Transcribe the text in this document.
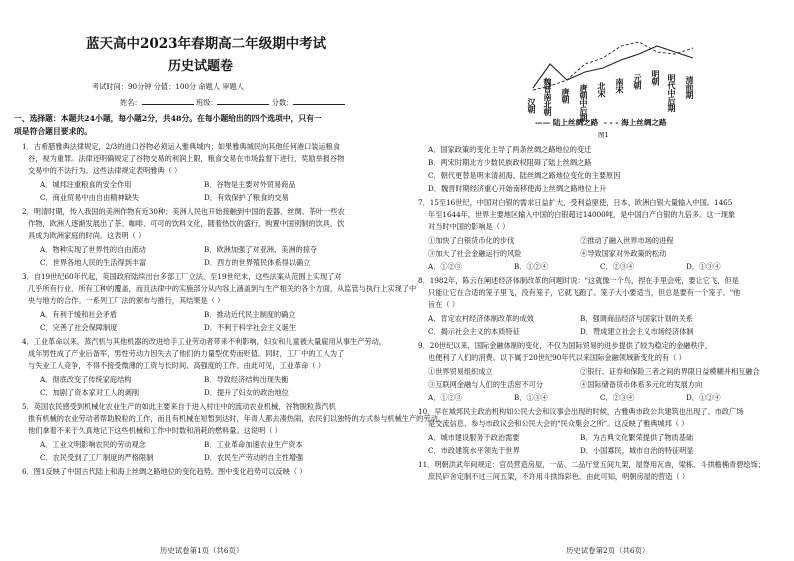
蓝天高中2023年春期高二年级期中考试
历史试题卷
考试时间：90分钟 分值：100分 命题人 审题人
姓名：	班级：	分数：
一、选择题：本题共24小题，每小题2分，共48分。在每小题给出的四个选项中，只有一
项是符合题目要求的。
1．古希腊雅典法律规定，2/3的进口谷物必须运入雅典城内；如果雅典城民向其他任何港口装运粮食
谷，视为重罪。法律还明确规定了谷物交易的利润上限，粮食交易在市场监督下进行，奖励举报谷物
交易中的不法行为。这些法律规定表明雅典（ ）
A．城邦注重粮食的安全作用	B．谷物是主要对外贸易商品
C．商业贸易中由自由精神缺失	D．有效保护了粮食的交易
2．明清时期，传入我国的美洲作物有近30种；美洲人民也开始接触到中国的瓷器、丝绸、茶叶一些农
作物，欧洲人逐渐发展出了茶、咖啡、可可的饮料文化，随着热饮的盛行，购置中国别制的饮具、饮
具成为欧洲家庭的时尚。这表明（ ）
A．物种实现了世界性的自由流动	B．欧洲加强了对亚洲、美洲的掠夺
C．世界各地人民的生活得到丰富	D．西方的世界殖民体系得以确立
3．自19世纪60年代起，英国政府陆续出台多部工厂立法。至19世纪末，这些法案从范围上实现了对
几乎所有行业、所有工种的覆盖，而且法律中的实施部分从内容上涵盖到与生产相关的各个方面，从监管与执行上实现了中
央与地方的合作。一系列工厂法的颁布与推行，其结果是（ ）
A．有利于缓和社会矛盾	B．推动近代民主制度的确立
C．完善了社会保障制度	D．不利于科学社会主义诞生
4．工业革命以来，蒸汽机与其他机器的改进给手工业劳动者带来不利影响，妇女和儿童被大量雇用从事生产劳动，
成年男性成了产业后备军，男性劳动力因失去了他们的力量型优势而贬值。同时，工厂中的工人为了
与失业工人竞争，不得不接受微薄的工资与长时间、高强度的工作。由此可见，工业革命（ ）
A．彻底改变了传统家庭结构	B．导致经济结构出现失衡
C．加剧了资本家对工人的剥削	D．提升了妇女的政治地位
5．英国农民感受到机械化农业生产的如此主要来自于进入村庄中的流动农业机械，谷物脱粒蒸汽机
推有机械的农业劳动者帮助脱粒的工作，而且有机械在短暂到达时，年青人都去凑热闹，农民们以独特的方式参与机械生产的劳动。
他们拿着不来于久真地记下这些机械和工作中时数和消耗的燃料量。这说明（ ）
A．工业文明影响农民的劳动观念	B．工业革命加速农业生产资本
C．农民受到了工厂制度的严格限制	D．农民生产劳动的自主性增强
6．图1反映了中国古代陆上和海上丝绸之路地位的变化趋势。图中变化趋势可以反映（ ）
汉朝 魏晋南北朝 唐朝 唐朝中后期 北宋 南宋 元朝 明朝 明代中后期 清前期
—— 陆上丝绸之路 - - - 海上丝绸之路
图1
A．国家政策的变化主导了两条丝绸之路地位的变迁
B．两宋时期北方少数民族政权阻碍了陆上丝绸之路
C．朝代更替是明末清初海、陆丝绸之路地位变化的主要原因
D．魏晋时期经济重心开始南移使海上丝绸之路地位上升
7．15至16世纪，中国对白银的需求日益扩大，受利益驱使，日本、欧洲白银大量输入中国。1465
年至1644年，世界主要地区输入中国的白银超过14000吨，是中国白产白银的九倍多。这一现象
对当时中国的影响是（ ）
①加快了白银货币化的步伐	②推动了融入世界市场的进程
③加大了社会金融运行的风险	④导致国家对外政策的松动
A．①②③	B．①②④	C．②③④	D．①③④
8．1982年，陈云在阐述经济体制改革的问题时说："这就像一个鸟，捏在手里会死，要让它飞，但是
只能让它在合适的笼子里飞，没有笼子，它就飞跑了。笼子大小要适当，但总是要有一个笼子。"他
旨在（ ）
A．肯定农村经济体制改革的成效	B．强调商品经济与国家计划的关系
C．揭示社会主义的本质特征	D．赞成建立社会主义市场经济体制
9．20世纪以来，国际金融体制的变化，不仅为国际贸易的进步提供了较为稳定的金融秩序，
也便利了人们的消费。以下属于20世纪90年代以来国际金融领域新变化的有（ ）
①世界贸易组织成立	②银行、证券和保险三者之间的界限日益模糊并相互融合
③互联网金融与人们的生活密不可分	④国际储备货币体系多元化的发展方向
A．①②③	B．①③④	C．②③④	D．①②④
10．早在城邦民主政治机构如公民大会和议事会出现的时候，古雅典市政公共建筑也出现了。市政广场
是交流信息、参与市政议会和公民大会的"民众集会之所"。这反映了雅典城邦（ ）
A．城市建设服务于政治需要	B．为古典文化繁荣提供了物质基础
C．市政建筑水平领先于世界	D．小国寡民，城市自治的特征明显
11．明朝洪武年间规定：官员营造房屋，一品、二品厅堂五间九架，屋脊用瓦兽，梁栋、斗拱檐桷青碧绘饰；
庶民庐舍定制不过三间五架，不许用斗拱饰彩色。由此可知，明朝房屋的营造（ ）
历史试卷第1页（共6页）	历史试卷第2页（共6页）
